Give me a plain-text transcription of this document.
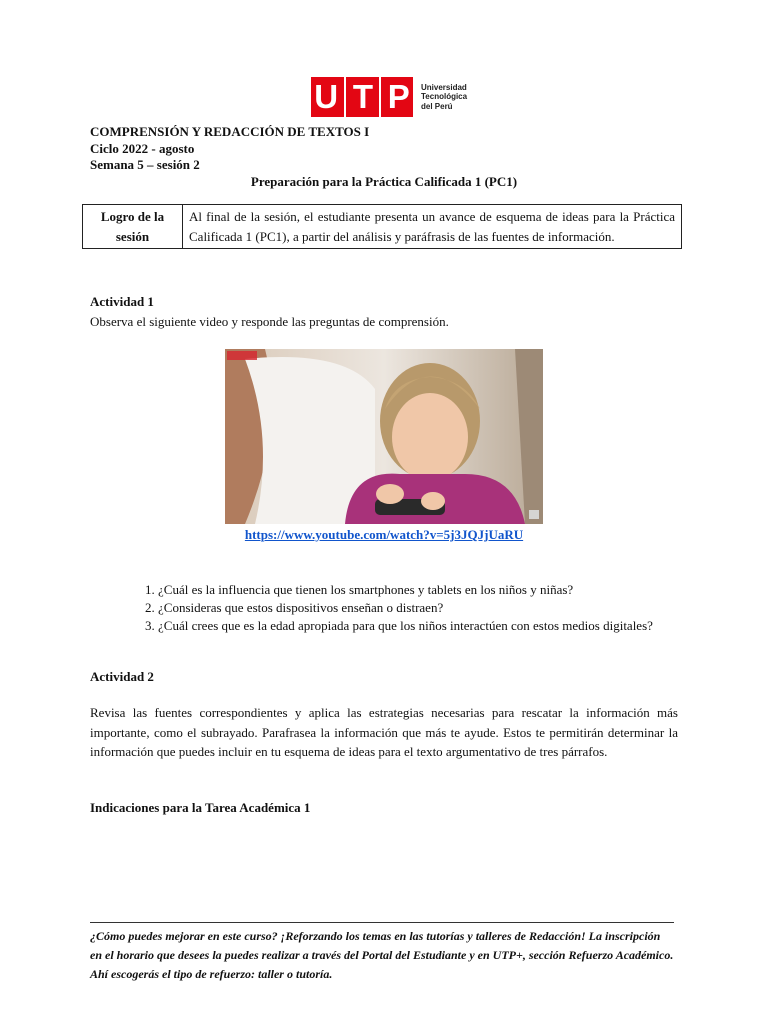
U T P Universidad
Tecnológica
del Perú
COMPRENSIÓN Y REDACCIÓN DE TEXTOS I
Ciclo 2022 - agosto
Semana 5 – sesión 2
Preparación para la Práctica Calificada 1 (PC1)
Logro de la sesión	Al final de la sesión, el estudiante presenta un avance de esquema de ideas para la Práctica Calificada 1 (PC1), a partir del análisis y paráfrasis de las fuentes de información.
Actividad 1
Observa el siguiente video y responde las preguntas de comprensión.
https://www.youtube.com/watch?v=5j3JQJjUaRU
1. ¿Cuál es la influencia que tienen los smartphones y tablets en los niños y niñas?
2. ¿Consideras que estos dispositivos enseñan o distraen?
3. ¿Cuál crees que es la edad apropiada para que los niños interactúen con estos medios digitales?
Actividad 2
Revisa las fuentes correspondientes y aplica las estrategias necesarias para rescatar la información más importante, como el subrayado. Parafrasea la información que más te ayude. Estos te permitirán determinar la información que puedes incluir en tu esquema de ideas para el texto argumentativo de tres párrafos.
Indicaciones para la Tarea Académica 1
¿Cómo puedes mejorar en este curso? ¡Reforzando los temas en las tutorías y talleres de Redacción! La inscripción en el horario que desees la puedes realizar a través del Portal del Estudiante y en UTP+, sección Refuerzo Académico. Ahí escogerás el tipo de refuerzo: taller o tutoría.
